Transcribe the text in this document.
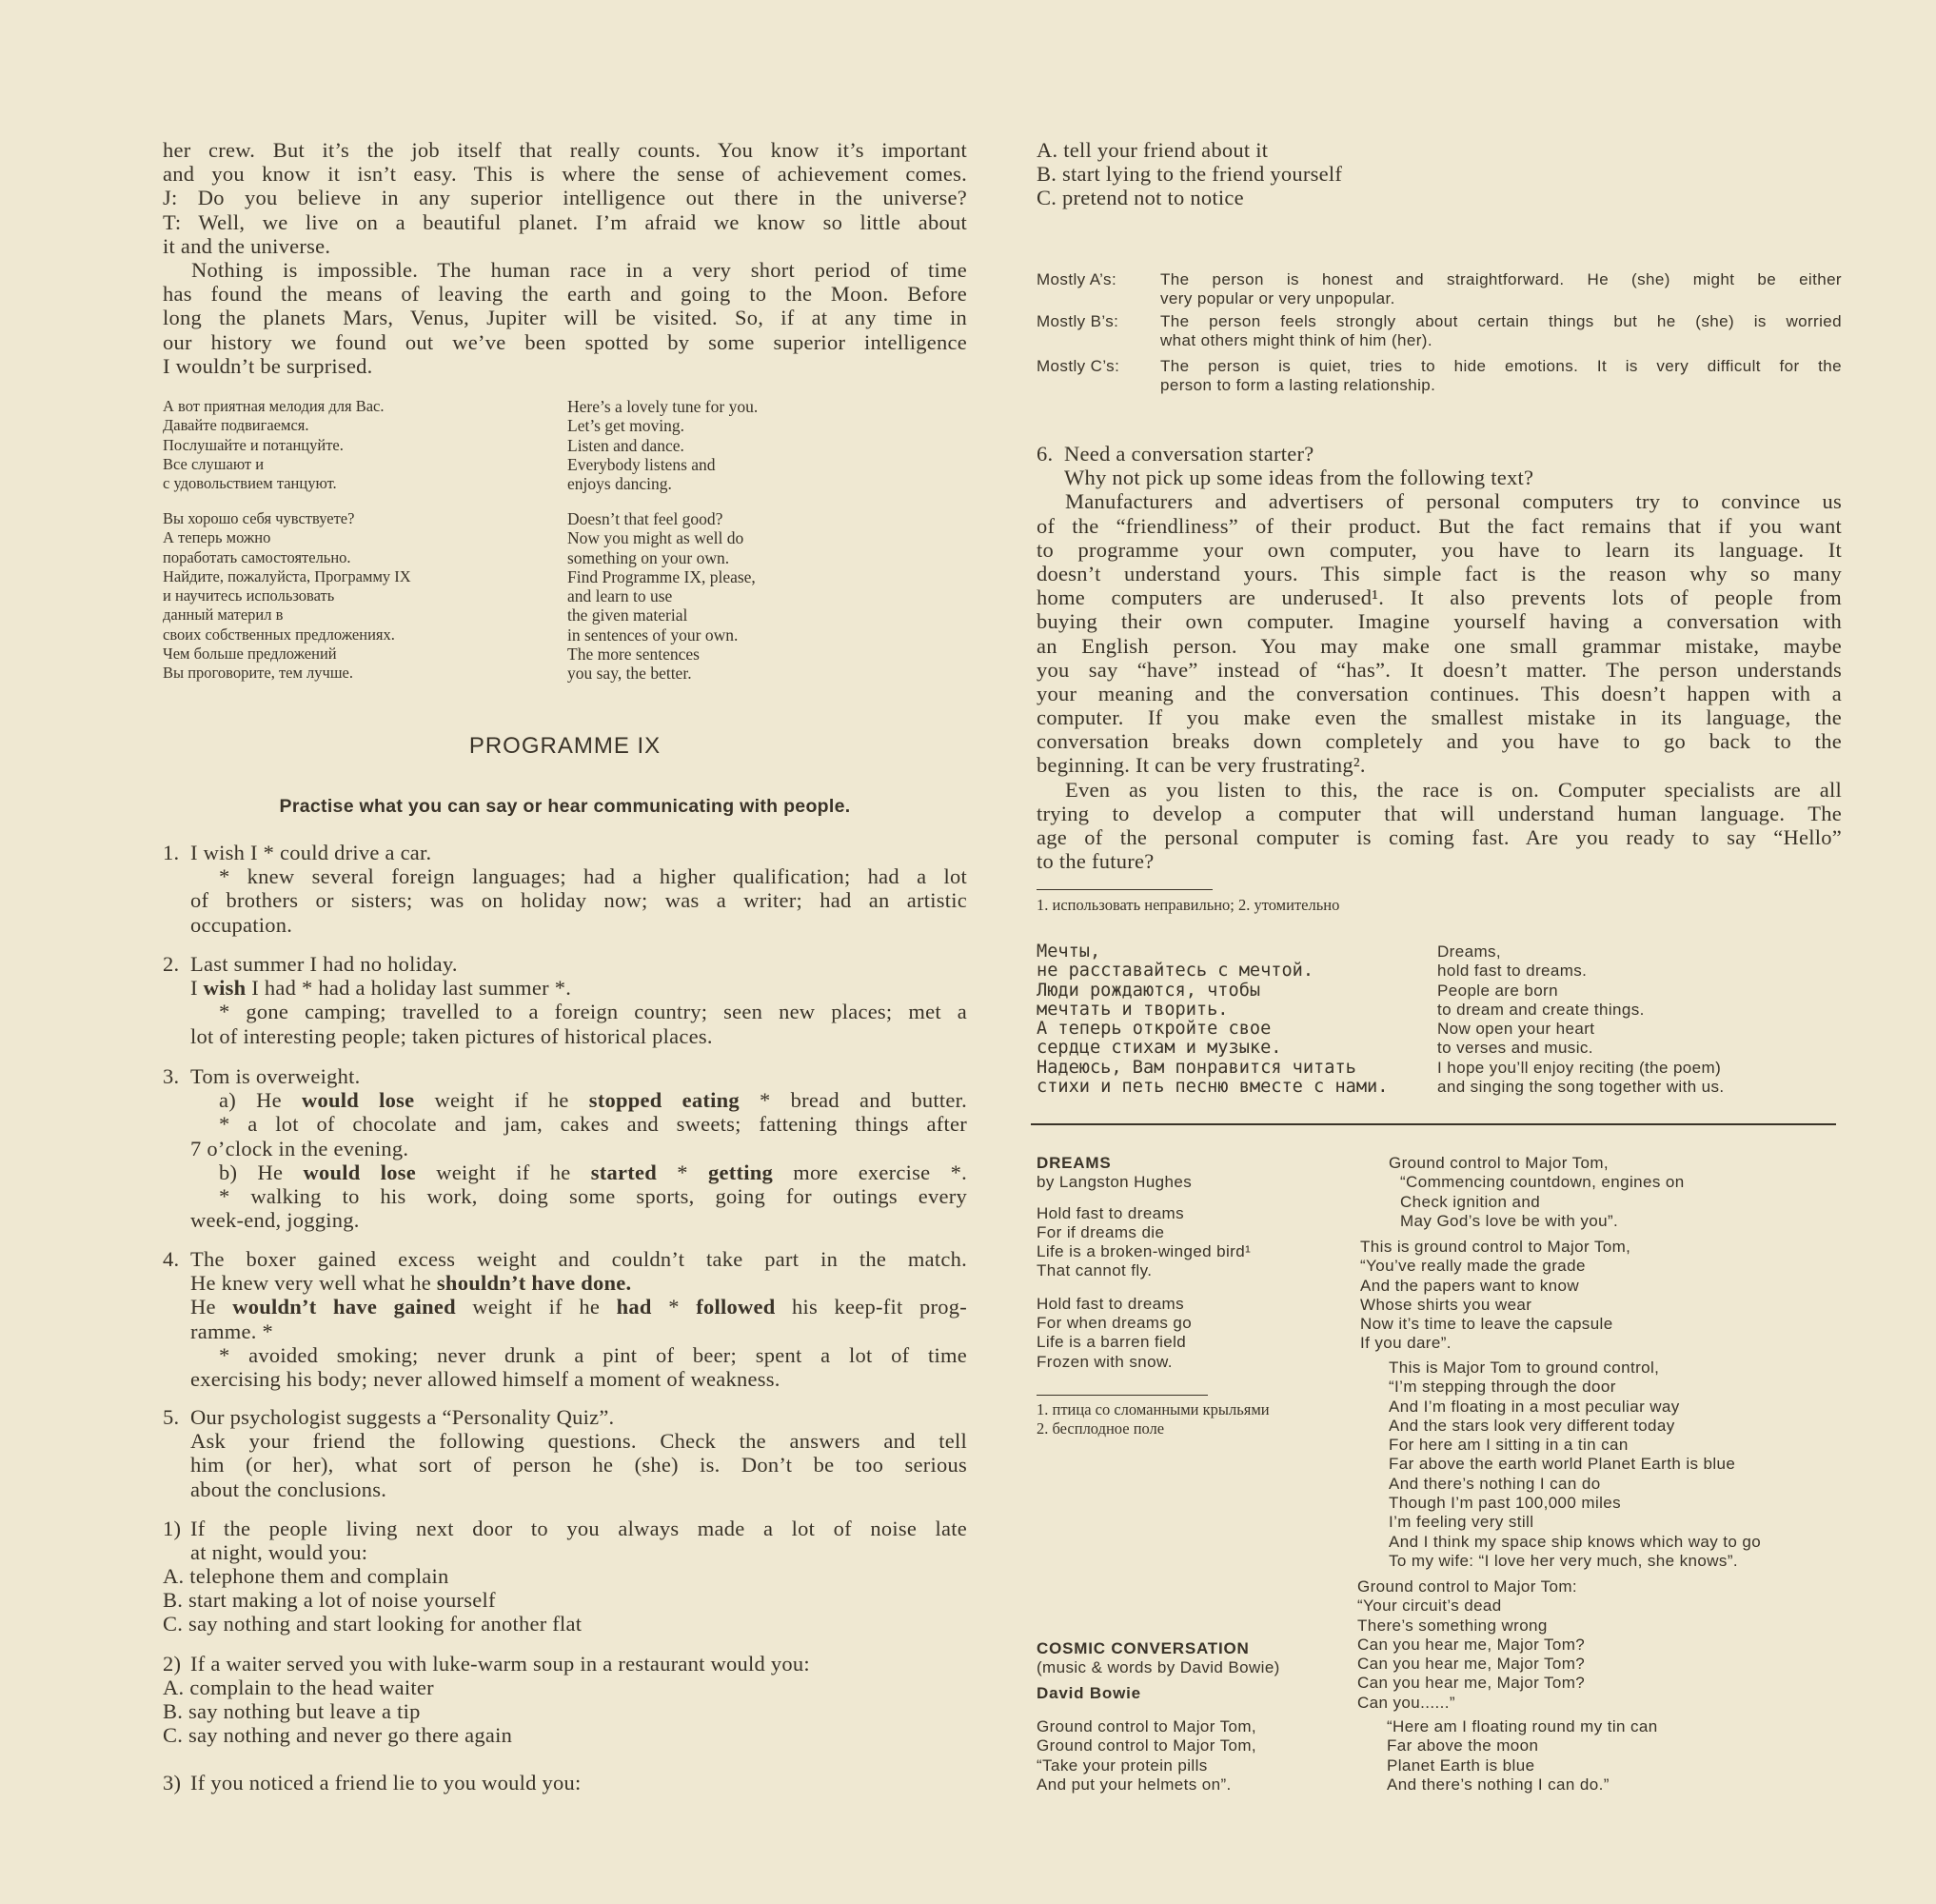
her crew. But it’s the job itself that really counts. You know it’s important
and you know it isn’t easy. This is where the sense of achievement comes.
J: Do you believe in any superior intelligence out there in the universe?
T: Well, we live on a beautiful planet. I’m afraid we know so little about
it and the universe.
Nothing is impossible. The human race in a very short period of time
has found the means of leaving the earth and going to the Moon. Before
long the planets Mars, Venus, Jupiter will be visited. So, if at any time in
our history we found out we’ve been spotted by some superior intelligence
I wouldn’t be surprised.
А вот приятная мелодия для Вас.
Давайте подвигаемся.
Послушайте и потанцуйте.
Все слушают и
с удовольствием танцуют.
Here’s a lovely tune for you.
Let’s get moving.
Listen and dance.
Everybody listens and
enjoys dancing.
Вы хорошо себя чувствуете?
А теперь можно
поработать самостоятельно.
Найдите, пожалуйста, Программу IX
и научитесь использовать
данный материл в
своих собственных предложениях.
Чем больше предложений
Вы проговорите, тем лучше.
Doesn’t that feel good?
Now you might as well do
something on your own.
Find Programme IX, please,
and learn to use
the given material
in sentences of your own.
The more sentences
you say, the better.
PROGRAMME IX
Practise what you can say or hear communicating with people.
1. I wish I * could drive a car.
* knew several foreign languages; had a higher qualification; had a lot
of brothers or sisters; was on holiday now; was a writer; had an artistic
occupation.
2. Last summer I had no holiday.
I wish I had * had a holiday last summer *.
* gone camping; travelled to a foreign country; seen new places; met a
lot of interesting people; taken pictures of historical places.
3. Tom is overweight.
a) He would lose weight if he stopped eating * bread and butter.
* a lot of chocolate and jam, cakes and sweets; fattening things after
7 o’clock in the evening.
b) He would lose weight if he started * getting more exercise *.
* walking to his work, doing some sports, going for outings every
week-end, jogging.
4. The boxer gained excess weight and couldn’t take part in the match.
He knew very well what he shouldn’t have done.
He wouldn’t have gained weight if he had * followed his keep-fit prog-
ramme. *
* avoided smoking; never drunk a pint of beer; spent a lot of time
exercising his body; never allowed himself a moment of weakness.
5. Our psychologist suggests a “Personality Quiz”.
Ask your friend the following questions. Check the answers and tell
him (or her), what sort of person he (she) is. Don’t be too serious
about the conclusions.
1) If the people living next door to you always made a lot of noise late
at night, would you:
A. telephone them and complain
B. start making a lot of noise yourself
C. say nothing and start looking for another flat
2) If a waiter served you with luke-warm soup in a restaurant would you:
A. complain to the head waiter
B. say nothing but leave a tip
C. say nothing and never go there again
3) If you noticed a friend lie to you would you:
A. tell your friend about it
B. start lying to the friend yourself
C. pretend not to notice
Mostly A’s:	The person is honest and straightforward. He (she) might be either
very popular or very unpopular.
Mostly B’s:	The person feels strongly about certain things but he (she) is worried
what others might think of him (her).
Mostly C’s:	The person is quiet, tries to hide emotions. It is very difficult for the
person to form a lasting relationship.
6. Need a conversation starter?
Why not pick up some ideas from the following text?
Manufacturers and advertisers of personal computers try to convince us
of the “friendliness” of their product. But the fact remains that if you want
to programme your own computer, you have to learn its language. It
doesn’t understand yours. This simple fact is the reason why so many
home computers are underused¹. It also prevents lots of people from
buying their own computer. Imagine yourself having a conversation with
an English person. You may make one small grammar mistake, maybe
you say “have” instead of “has”. It doesn’t matter. The person understands
your meaning and the conversation continues. This doesn’t happen with a
computer. If you make even the smallest mistake in its language, the
conversation breaks down completely and you have to go back to the
beginning. It can be very frustrating².
Even as you listen to this, the race is on. Computer specialists are all
trying to develop a computer that will understand human language. The
age of the personal computer is coming fast. Are you ready to say “Hello”
to the future?
1. использовать неправильно; 2. утомительно
Мечты,
не расставайтесь с мечтой.
Люди рождаются, чтобы
мечтать и творить.
А теперь откройте свое
сердце стихам и музыке.
Надеюсь, Вам понравится читать
стихи и петь песню вместе с нами.
Dreams,
hold fast to dreams.
People are born
to dream and create things.
Now open your heart
to verses and music.
I hope you’ll enjoy reciting (the poem)
and singing the song together with us.
DREAMS
by Langston Hughes
Hold fast to dreams
For if dreams die
Life is a broken-winged bird¹
That cannot fly.
Hold fast to dreams
For when dreams go
Life is a barren field
Frozen with snow.
1. птица со сломанными крыльями
2. бесплодное поле
COSMIC CONVERSATION
(music & words by David Bowie)
David Bowie
Ground control to Major Tom,
Ground control to Major Tom,
“Take your protein pills
And put your helmets on”.
Ground control to Major Tom,
“Commencing countdown, engines on
Check ignition and
May God’s love be with you”.
This is ground control to Major Tom,
“You’ve really made the grade
And the papers want to know
Whose shirts you wear
Now it’s time to leave the capsule
If you dare”.
This is Major Tom to ground control,
“I’m stepping through the door
And I’m floating in a most peculiar way
And the stars look very different today
For here am I sitting in a tin can
Far above the earth world Planet Earth is blue
And there’s nothing I can do
Though I’m past 100,000 miles
I’m feeling very still
And I think my space ship knows which way to go
To my wife: “I love her very much, she knows”.
Ground control to Major Tom:
“Your circuit’s dead
There’s something wrong
Can you hear me, Major Tom?
Can you hear me, Major Tom?
Can you hear me, Major Tom?
Can you......”
“Here am I floating round my tin can
Far above the moon
Planet Earth is blue
And there’s nothing I can do.”
